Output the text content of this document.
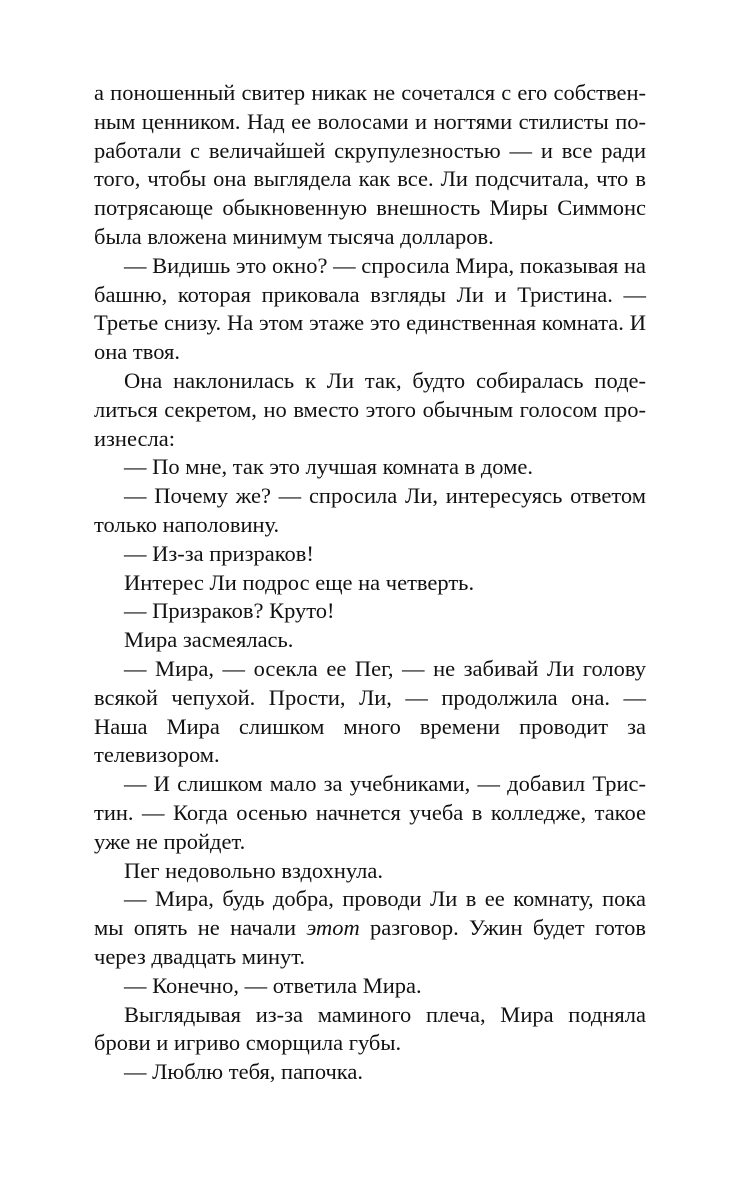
а поношенный свитер никак не сочетался с его собственным ценником. Над ее волосами и ногтями стилисты поработали с величайшей скрупулезностью — и все ради того, чтобы она выглядела как все. Ли подсчитала, что в потрясающе обыкновенную внешность Миры Симмонс была вложена минимум тысяча долларов.

— Видишь это окно? — спросила Мира, показывая на башню, которая приковала взгляды Ли и Тристина. — Третье снизу. На этом этаже это единственная комната. И она твоя.

Она наклонилась к Ли так, будто собиралась поделиться секретом, но вместо этого обычным голосом произнесла:

— По мне, так это лучшая комната в доме.

— Почему же? — спросила Ли, интересуясь ответом только наполовину.

— Из-за призраков!

Интерес Ли подрос еще на четверть.

— Призраков? Круто!

Мира засмеялась.

— Мира, — осекла ее Пег, — не забивай Ли голову всякой чепухой. Прости, Ли, — продолжила она. — Наша Мира слишком много времени проводит за телевизором.

— И слишком мало за учебниками, — добавил Тристин. — Когда осенью начнется учеба в колледже, такое уже не пройдет.

Пег недовольно вздохнула.

— Мира, будь добра, проводи Ли в ее комнату, пока мы опять не начали этот разговор. Ужин будет готов через двадцать минут.

— Конечно, — ответила Мира.

Выглядывая из-за маминого плеча, Мира подняла брови и игриво сморщила губы.

— Люблю тебя, папочка.
